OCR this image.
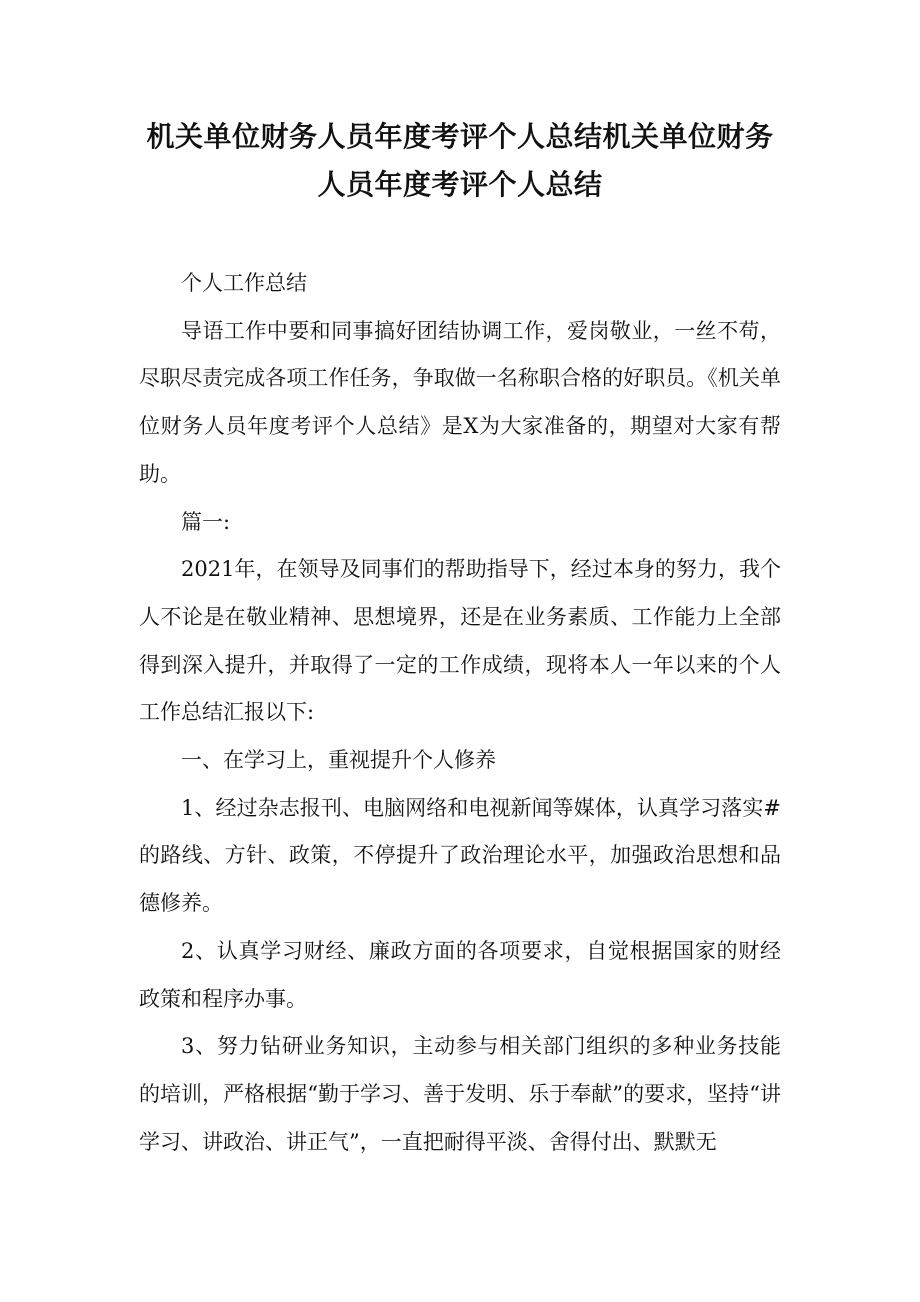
机关单位财务人员年度考评个人总结机关单位财务人员年度考评个人总结

个人工作总结

导语工作中要和同事搞好团结协调工作，爱岗敬业，一丝不苟，尽职尽责完成各项工作任务，争取做一名称职合格的好职员。《机关单位财务人员年度考评个人总结》是X为大家准备的，期望对大家有帮助。

篇一:

2021年，在领导及同事们的帮助指导下，经过本身的努力，我个人不论是在敬业精神、思想境界，还是在业务素质、工作能力上全部得到深入提升，并取得了一定的工作成绩，现将本人一年以来的个人工作总结汇报以下:

一、在学习上，重视提升个人修养

1、经过杂志报刊、电脑网络和电视新闻等媒体，认真学习落实#的路线、方针、政策，不停提升了政治理论水平，加强政治思想和品德修养。

2、认真学习财经、廉政方面的各项要求，自觉根据国家的财经政策和程序办事。

3、努力钻研业务知识，主动参与相关部门组织的多种业务技能的培训，严格根据“勤于学习、善于发明、乐于奉献”的要求，坚持“讲学习、讲政治、讲正气”，一直把耐得平淡、舍得付出、默默无
